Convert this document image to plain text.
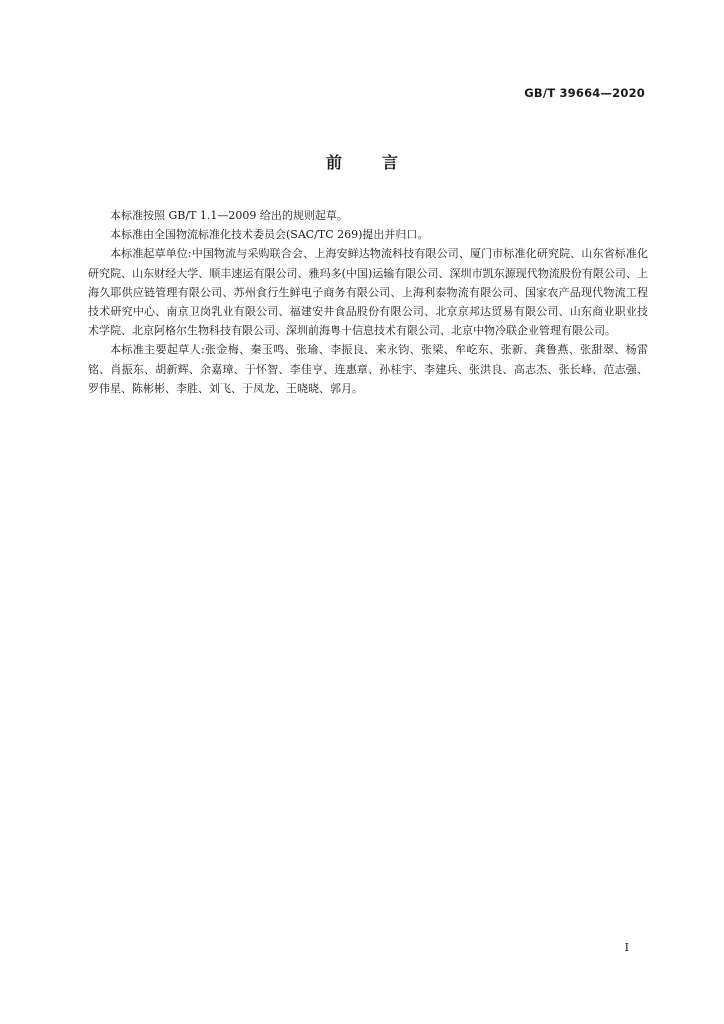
GB/T 39664—2020
前	言

本标准按照 GB/T 1.1—2009 给出的规则起草。

本标准由全国物流标准化技术委员会(SAC/TC 269)提出并归口。

本标准起草单位:中国物流与采购联合会、上海安鲜达物流科技有限公司、厦门市标准化研究院、山东省标准化研究院、山东财经大学、顺丰速运有限公司、雅玛多(中国)运输有限公司、深圳市凯东源现代物流股份有限公司、上海久耶供应链管理有限公司、苏州食行生鲜电子商务有限公司、上海利泰物流有限公司、国家农产品现代物流工程技术研究中心、南京卫岗乳业有限公司、福建安井食品股份有限公司、北京京邦达贸易有限公司、山东商业职业技术学院、北京阿格尔生物科技有限公司、深圳前海粤十信息技术有限公司、北京中物冷联企业管理有限公司。

本标准主要起草人:张金梅、秦玉鸣、张瑜、李振良、来永钧、张梁、牟屹东、张新、龚鲁燕、张甜翠、杨雷铭、肖振东、胡新辉、余嘉璋、于怀智、李佳亨、连惠章、孙桂宇、李建兵、张洪良、高志杰、张长峰、范志强、罗伟星、陈彬彬、李胜、刘飞、于凤龙、王晓晓、郭月。

I
